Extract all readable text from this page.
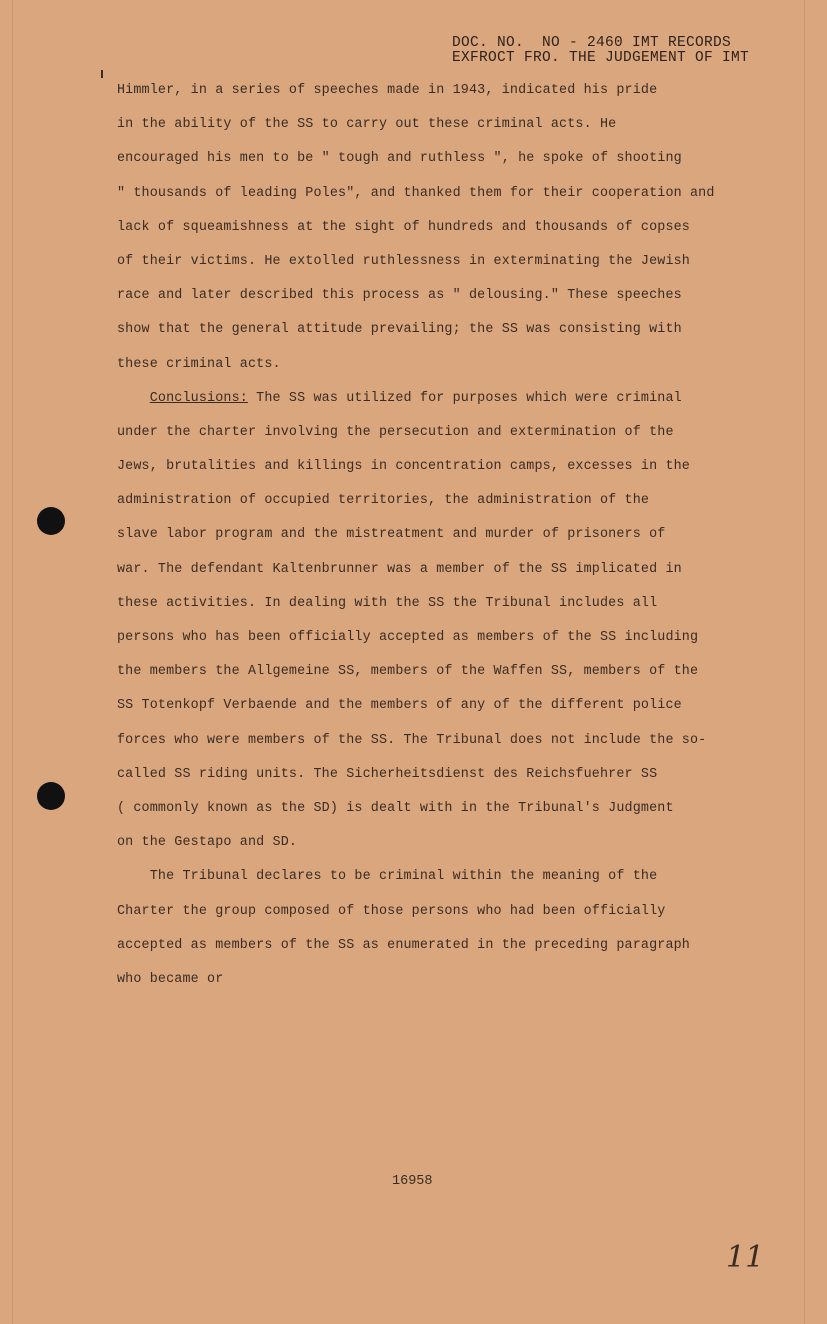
DOC. NO.  NO - 2460 IMT RECORDS
EXFROCT FRO. THE JUDGEMENT OF IMT
Himmler, in a series of speeches made in 1943, indicated his pride
in the ability of the SS to carry out these criminal acts. He
encouraged his men to be " tough and ruthless ", he spoke of shooting
" thousands of leading Poles", and thanked them for their cooperation and
lack of squeamishness at the sight of hundreds and thousands of copses
of their victims. He extolled ruthlessness in exterminating the Jewish
race and later described this process as " delousing." These speeches
show that the general attitude prevailing; the SS was consisting with
these criminal acts.
Conclusions: The SS was utilized for purposes which were criminal
under the charter involving the persecution and extermination of the
Jews, brutalities and killings in concentration camps, excesses in the
administration of occupied territories, the administration of the
slave labor program and the mistreatment and murder of prisoners of
war. The defendant Kaltenbrunner was a member of the SS implicated in
these activities. In dealing with the SS the Tribunal includes all
persons who has been officially accepted as members of the SS including
the members the Allgemeine SS, members of the Waffen SS, members of the
SS Totenkopf Verbaende and the members of any of the different police
forces who were members of the SS. The Tribunal does not include the so-
called SS riding units. The Sicherheitsdienst des Reichsfuehrer SS
( commonly known as the SD) is dealt with in the Tribunal's Judgment
on the Gestapo and SD.
The Tribunal declares to be criminal within the meaning of the
Charter the group composed of those persons who had been officially
accepted as members of the SS as enumerated in the preceding paragraph
who became or
16958
11
